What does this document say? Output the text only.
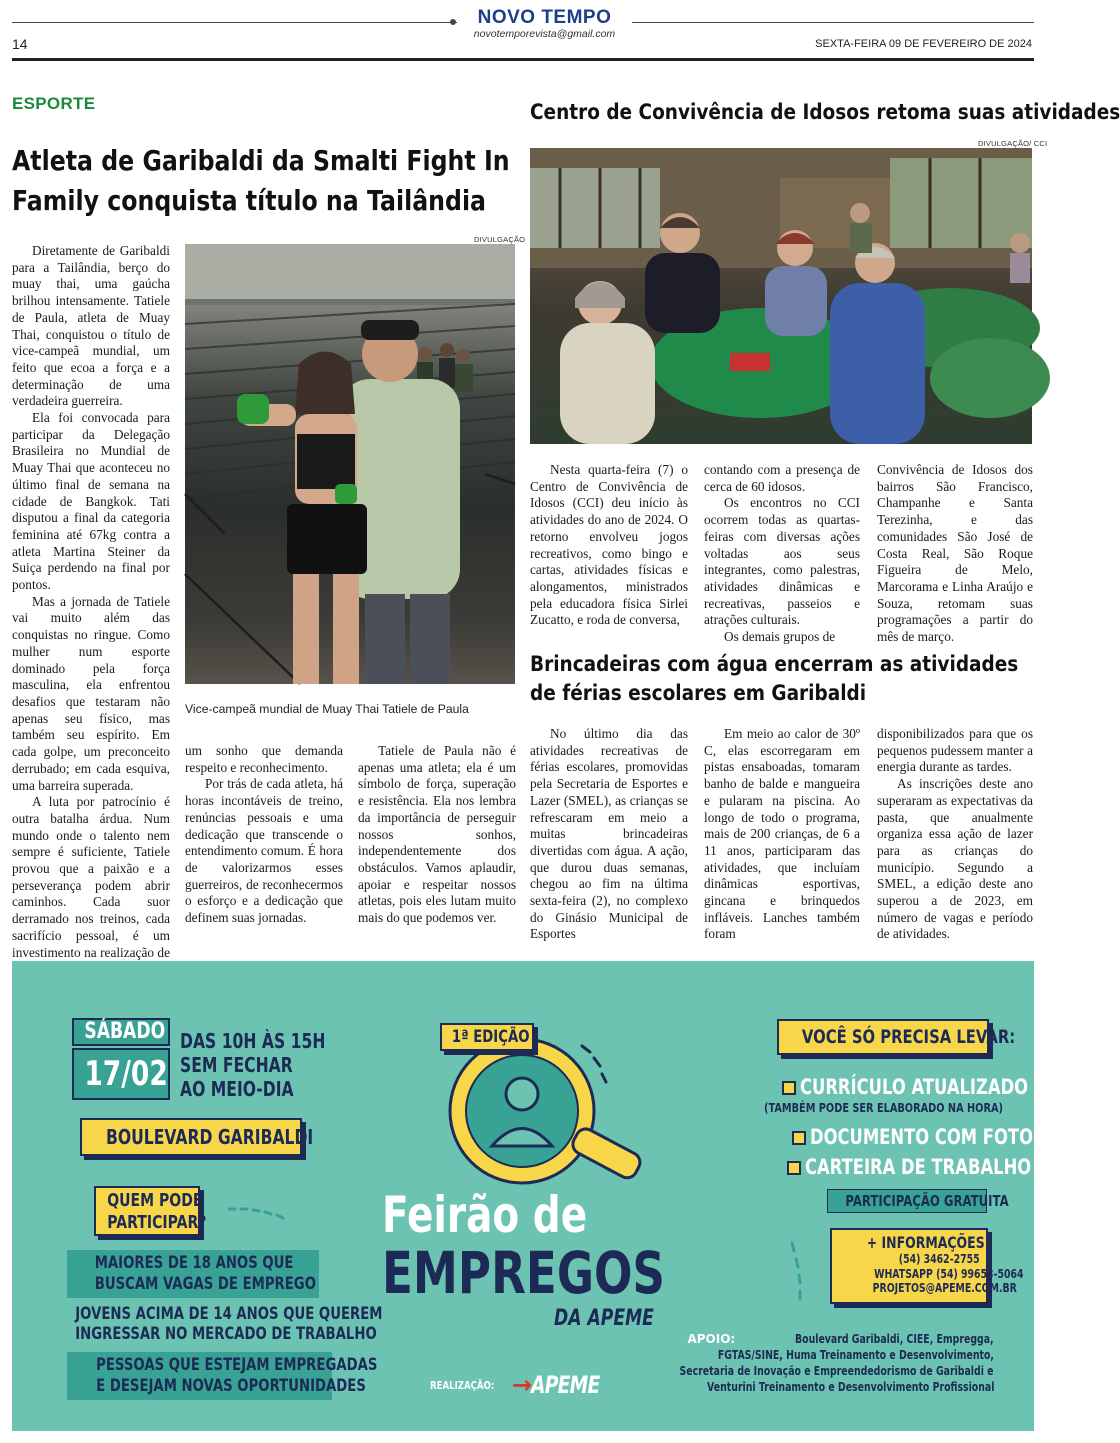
NOVO TEMPO
novotemporevista@gmail.com
14	SEXTA-FEIRA 09 DE FEVEREIRO DE 2024
ESPORTE
Atleta de Garibaldi da Smalti Fight In Family conquista título na Tailândia

Diretamente de Garibaldi para a Tailândia, berço do muay thai, uma gaúcha brilhou intensamente. Tatiele de Paula, atleta de Muay Thai, conquistou o título de vice-campeã mundial, um feito que ecoa a força e a determinação de uma verdadeira guerreira.

Ela foi convocada para participar da Delegação Brasileira no Mundial de Muay Thai que aconteceu no último final de semana na cidade de Bangkok. Tati disputou a final da categoria feminina até 67kg contra a atleta Martina Steiner da Suiça perdendo na final por pontos.

Mas a jornada de Tatiele vai muito além das conquistas no ringue. Como mulher num esporte dominado pela força masculina, ela enfrentou desafios que testaram não apenas seu físico, mas também seu espírito. Em cada golpe, um preconceito derrubado; em cada esquiva, uma barreira superada.

A luta por patrocínio é outra batalha árdua. Num mundo onde o talento nem sempre é suficiente, Tatiele provou que a paixão e a perseverança podem abrir caminhos. Cada suor derramado nos treinos, cada sacrifício pessoal, é um investimento na realização de

DIVULGAÇÃO
Vice-campeã mundial de Muay Thai Tatiele de Paula

um sonho que demanda respeito e reconhecimento.

Por trás de cada atleta, há horas incontáveis de treino, renúncias pessoais e uma dedicação que transcende o entendimento comum. É hora de valorizarmos esses guerreiros, de reconhecermos o esforço e a dedicação que definem suas jornadas.

Tatiele de Paula não é apenas uma atleta; ela é um símbolo de força, superação e resistência. Ela nos lembra da importância de perseguir nossos sonhos, independentemente dos obstáculos. Vamos aplaudir, apoiar e respeitar nossos atletas, pois eles lutam muito mais do que podemos ver.

Centro de Convivência de Idosos retoma suas atividades
DIVULGAÇÃO/ CCI

Nesta quarta-feira (7) o Centro de Convivência de Idosos (CCI) deu início às atividades do ano de 2024. O retorno envolveu jogos recreativos, como bingo e cartas, atividades físicas e alongamentos, ministrados pela educadora física Sirlei Zucatto, e roda de conversa,

contando com a presença de cerca de 60 idosos.

Os encontros no CCI ocorrem todas as quartas-feiras com diversas ações voltadas aos seus integrantes, como palestras, atividades dinâmicas e recreativas, passeios e atrações culturais.

Os demais grupos de

Convivência de Idosos dos bairros São Francisco, Champanhe e Santa Terezinha, e das comunidades São José de Costa Real, São Roque Figueira de Melo, Marcorama e Linha Araújo e Souza, retomam suas programações a partir do mês de março.

Brincadeiras com água encerram as atividades de férias escolares em Garibaldi

No último dia das atividades recreativas de férias escolares, promovidas pela Secretaria de Esportes e Lazer (SMEL), as crianças se refrescaram em meio a muitas brincadeiras divertidas com água. A ação, que durou duas semanas, chegou ao fim na última sexta-feira (2), no complexo do Ginásio Municipal de Esportes

Em meio ao calor de 30º C, elas escorregaram em pistas ensaboadas, tomaram banho de balde e mangueira e pularam na piscina. Ao longo de todo o programa, mais de 200 crianças, de 6 a 11 anos, participaram das atividades, que incluíam dinâmicas esportivas, gincana e brinquedos infláveis. Lanches também foram

disponibilizados para que os pequenos pudessem manter a energia durante as tardes.

As inscrições deste ano superaram as expectativas da pasta, que anualmente organiza essa ação de lazer para as crianças do município. Segundo a SMEL, a edição deste ano superou a de 2023, em número de vagas e período de atividades.

SÁBADO
17/02
DAS 10H ÀS 15H
SEM FECHAR
AO MEIO-DIA
BOULEVARD GARIBALDI
QUEM PODE
PARTICIPAR?
MAIORES DE 18 ANOS QUE
BUSCAM VAGAS DE EMPREGO
JOVENS ACIMA DE 14 ANOS QUE QUEREM
INGRESSAR NO MERCADO DE TRABALHO
PESSOAS QUE ESTEJAM EMPREGADAS
E DESEJAM NOVAS OPORTUNIDADES
1ª EDIÇÃO
Feirão de
EMPREGOS
DA APEME
REALIZAÇÃO: →APEME
VOCÊ SÓ PRECISA LEVAR:
CURRÍCULO ATUALIZADO
(TAMBÉM PODE SER ELABORADO NA HORA)
DOCUMENTO COM FOTO
CARTEIRA DE TRABALHO
PARTICIPAÇÃO GRATUITA
+ INFORMAÇÕES:
(54) 3462-2755
WHATSAPP (54) 99653-5064
PROJETOS@APEME.COM.BR
APOIO:	Boulevard Garibaldi, CIEE, Empregga,
FGTAS/SINE, Huma Treinamento e Desenvolvimento,
Secretaria de Inovação e Empreendedorismo de Garibaldi e
Venturini Treinamento e Desenvolvimento Profissional
